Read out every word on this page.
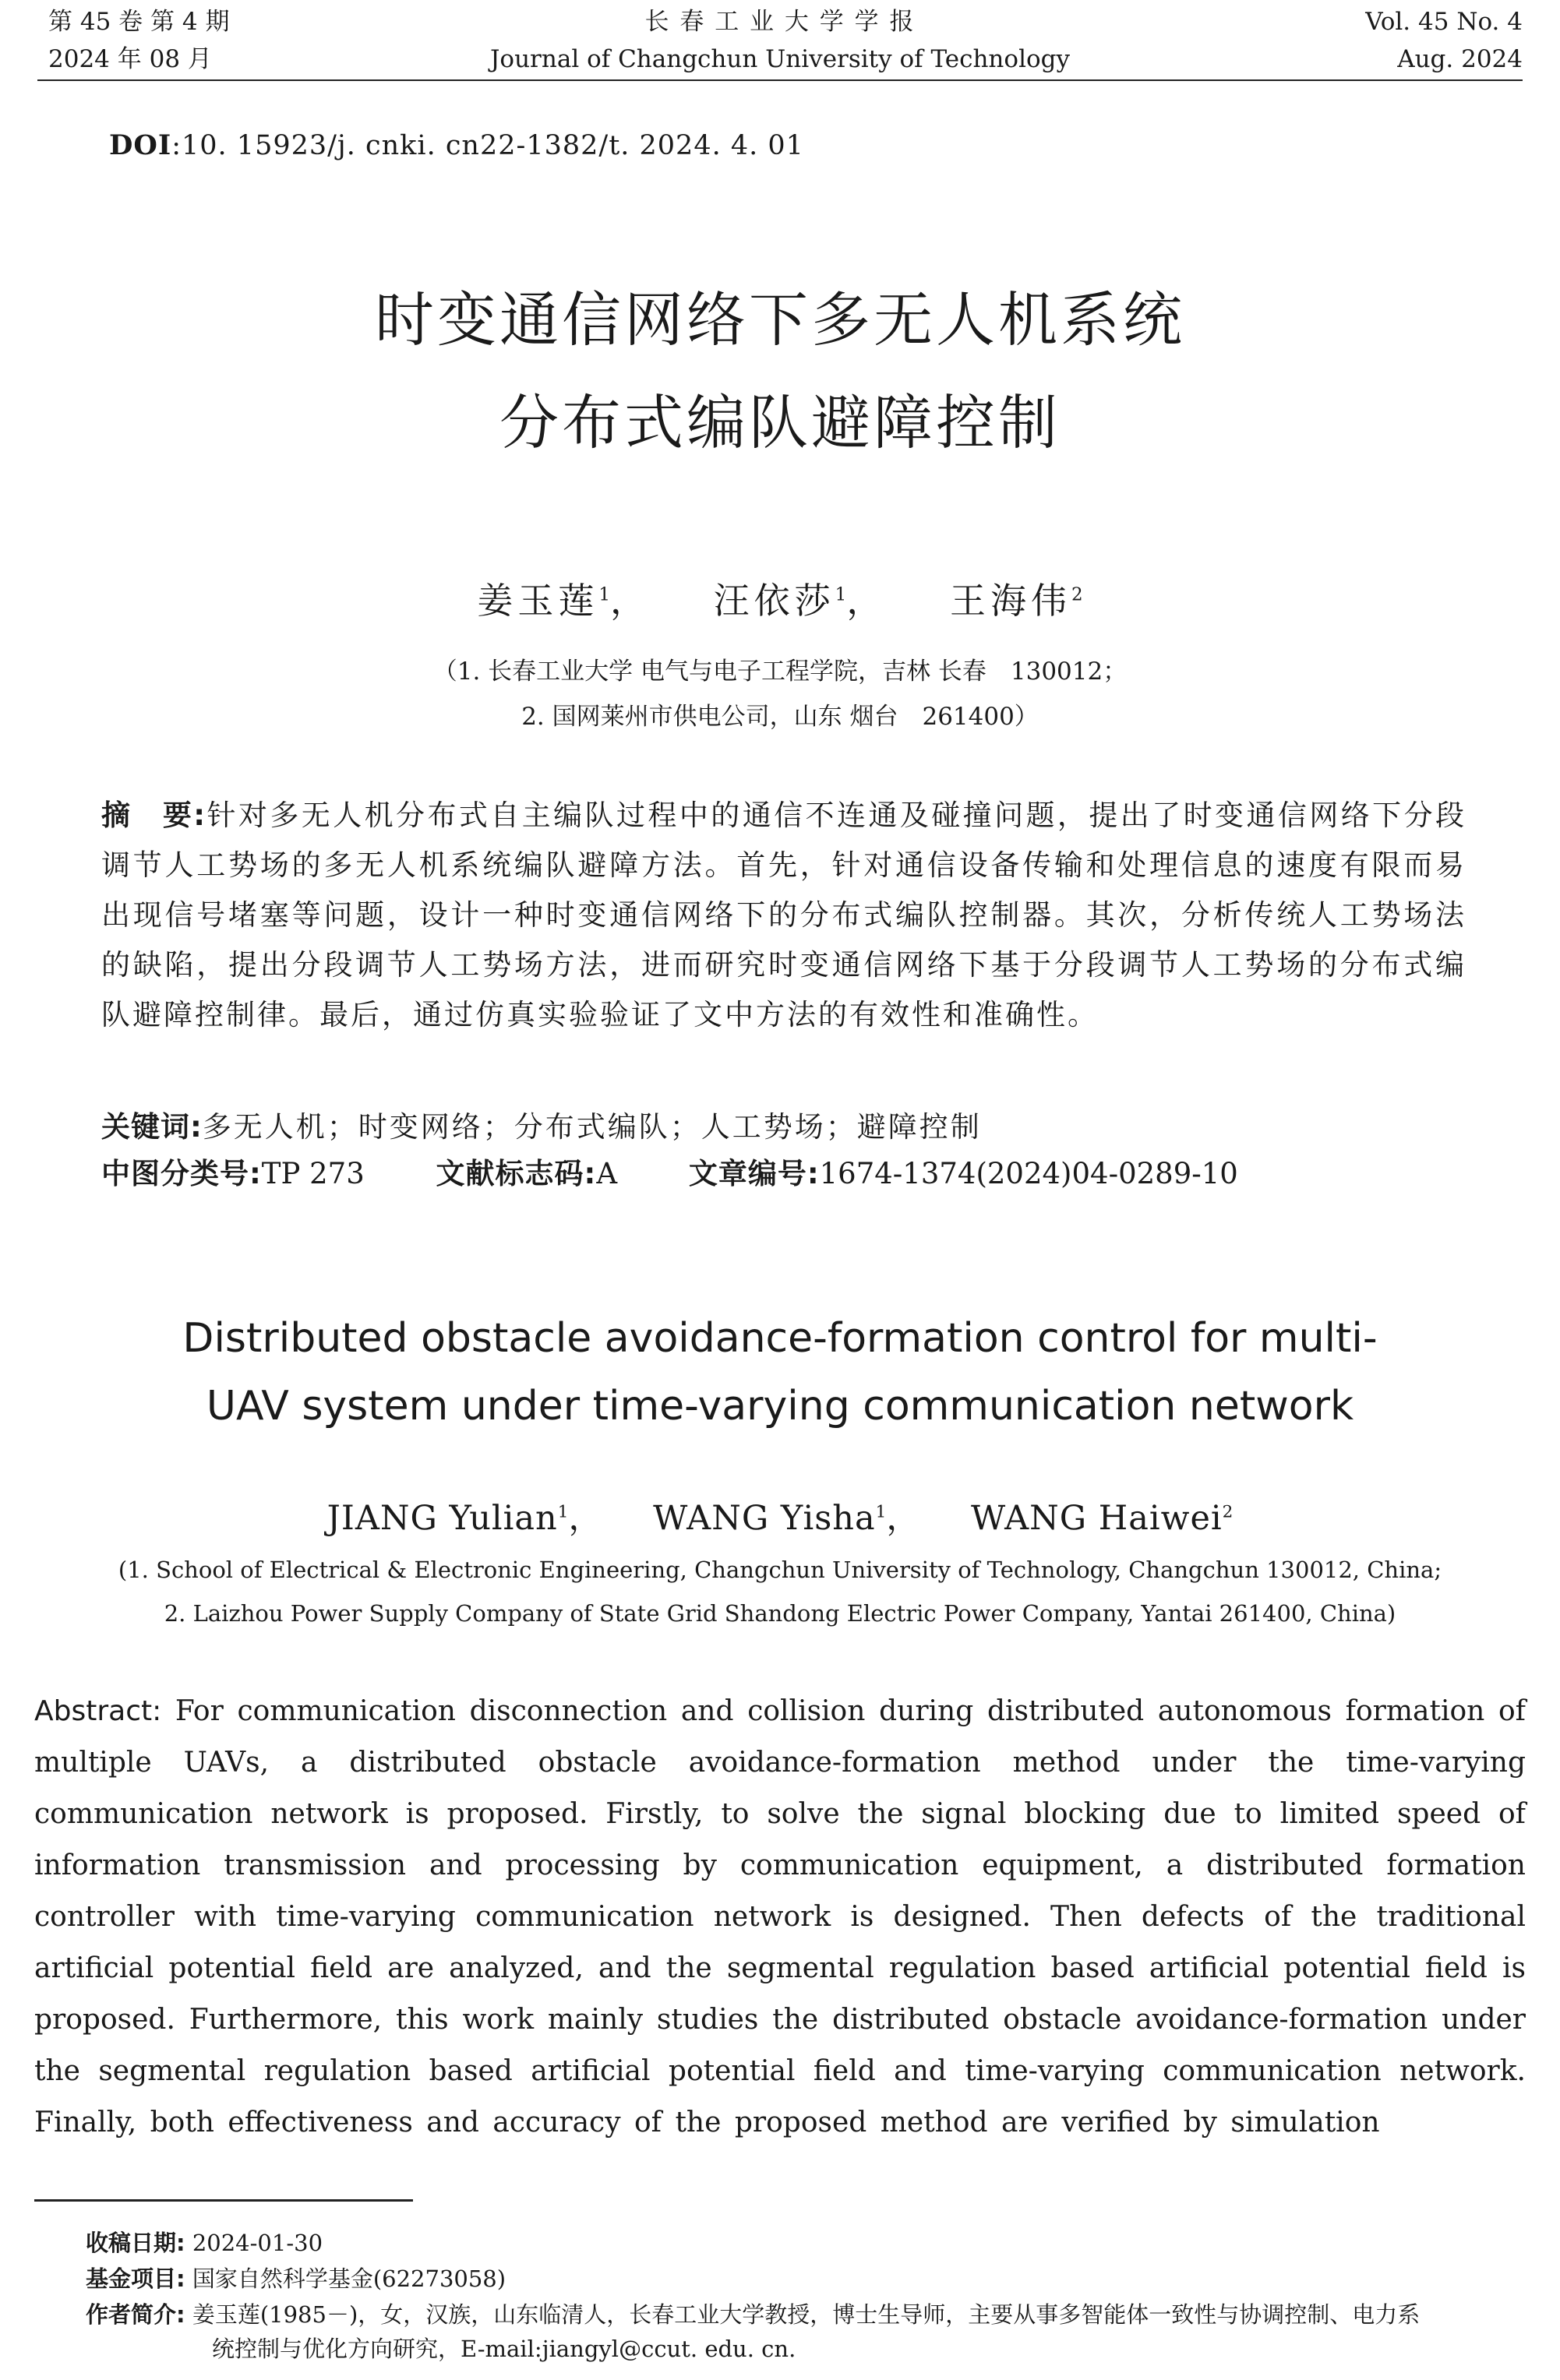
第 45 卷 第 4 期
2024 年 08 月
长 春 工 业 大 学 学 报
Journal of Changchun University of Technology
Vol. 45 No. 4
Aug. 2024
DOI:10. 15923/j. cnki. cn22-1382/t. 2024. 4. 01
时变通信网络下多无人机系统
分布式编队避障控制
姜玉莲$^1$， 汪依莎$^1$， 王海伟$^2$
（1. 长春工业大学 电气与电子工程学院，吉林 长春　130012；
2. 国网莱州市供电公司，山东 烟台　261400）
摘　要:针对多无人机分布式自主编队过程中的通信不连通及碰撞问题，提出了时变通信网络下分段调节人工势场的多无人机系统编队避障方法。首先，针对通信设备传输和处理信息的速度有限而易出现信号堵塞等问题，设计一种时变通信网络下的分布式编队控制器。其次，分析传统人工势场法的缺陷，提出分段调节人工势场方法，进而研究时变通信网络下基于分段调节人工势场的分布式编队避障控制律。最后，通过仿真实验验证了文中方法的有效性和准确性。
关键词:多无人机；时变网络；分布式编队；人工势场；避障控制
中图分类号:TP 273 文献标志码:A 文章编号:1674-1374(2024)04-0289-10
Distributed obstacle avoidance-formation control for multi-
UAV system under time-varying communication network
JIANG Yulian$^1$， WANG Yisha$^1$， WANG Haiwei$^2$
(1. School of Electrical & Electronic Engineering, Changchun University of Technology, Changchun 130012, China;
2. Laizhou Power Supply Company of State Grid Shandong Electric Power Company, Yantai 261400, China)
Abstract: For communication disconnection and collision during distributed autonomous formation of multiple UAVs, a distributed obstacle avoidance-formation method under the time-varying communication network is proposed. Firstly, to solve the signal blocking due to limited speed of information transmission and processing by communication equipment, a distributed formation controller with time-varying communication network is designed. Then defects of the traditional artificial potential field are analyzed, and the segmental regulation based artificial potential field is proposed. Furthermore, this work mainly studies the distributed obstacle avoidance-formation under the segmental regulation based artificial potential field and time-varying communication network. Finally, both effectiveness and accuracy of the proposed method are verified by simulation
收稿日期: 2024-01-30
基金项目: 国家自然科学基金(62273058)
作者简介: 姜玉莲(1985－)，女，汉族，山东临清人，长春工业大学教授，博士生导师，主要从事多智能体一致性与协调控制、电力系
统控制与优化方向研究，E-mail:jiangyl@ccut. edu. cn.
